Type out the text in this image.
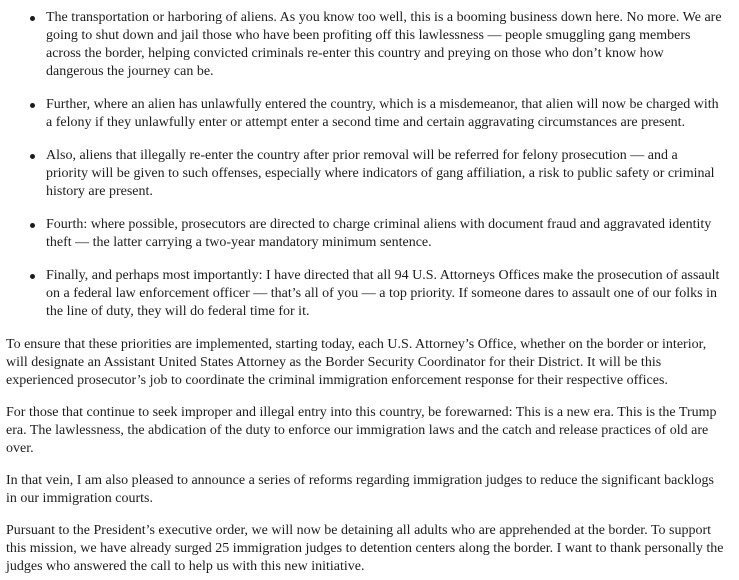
The transportation or harboring of aliens. As you know too well, this is a booming business down here. No more. We are going to shut down and jail those who have been profiting off this lawlessness — people smuggling gang members across the border, helping convicted criminals re-enter this country and preying on those who don’t know how dangerous the journey can be.
Further, where an alien has unlawfully entered the country, which is a misdemeanor, that alien will now be charged with a felony if they unlawfully enter or attempt enter a second time and certain aggravating circumstances are present.
Also, aliens that illegally re-enter the country after prior removal will be referred for felony prosecution — and a priority will be given to such offenses, especially where indicators of gang affiliation, a risk to public safety or criminal history are present.
Fourth: where possible, prosecutors are directed to charge criminal aliens with document fraud and aggravated identity theft — the latter carrying a two-year mandatory minimum sentence.
Finally, and perhaps most importantly: I have directed that all 94 U.S. Attorneys Offices make the prosecution of assault on a federal law enforcement officer — that’s all of you — a top priority. If someone dares to assault one of our folks in the line of duty, they will do federal time for it.

To ensure that these priorities are implemented, starting today, each U.S. Attorney’s Office, whether on the border or interior, will designate an Assistant United States Attorney as the Border Security Coordinator for their District. It will be this experienced prosecutor’s job to coordinate the criminal immigration enforcement response for their respective offices.

For those that continue to seek improper and illegal entry into this country, be forewarned: This is a new era. This is the Trump era. The lawlessness, the abdication of the duty to enforce our immigration laws and the catch and release practices of old are over.

In that vein, I am also pleased to announce a series of reforms regarding immigration judges to reduce the significant backlogs in our immigration courts.

Pursuant to the President’s executive order, we will now be detaining all adults who are apprehended at the border. To support this mission, we have already surged 25 immigration judges to detention centers along the border. I want to thank personally the judges who answered the call to help us with this new initiative.
